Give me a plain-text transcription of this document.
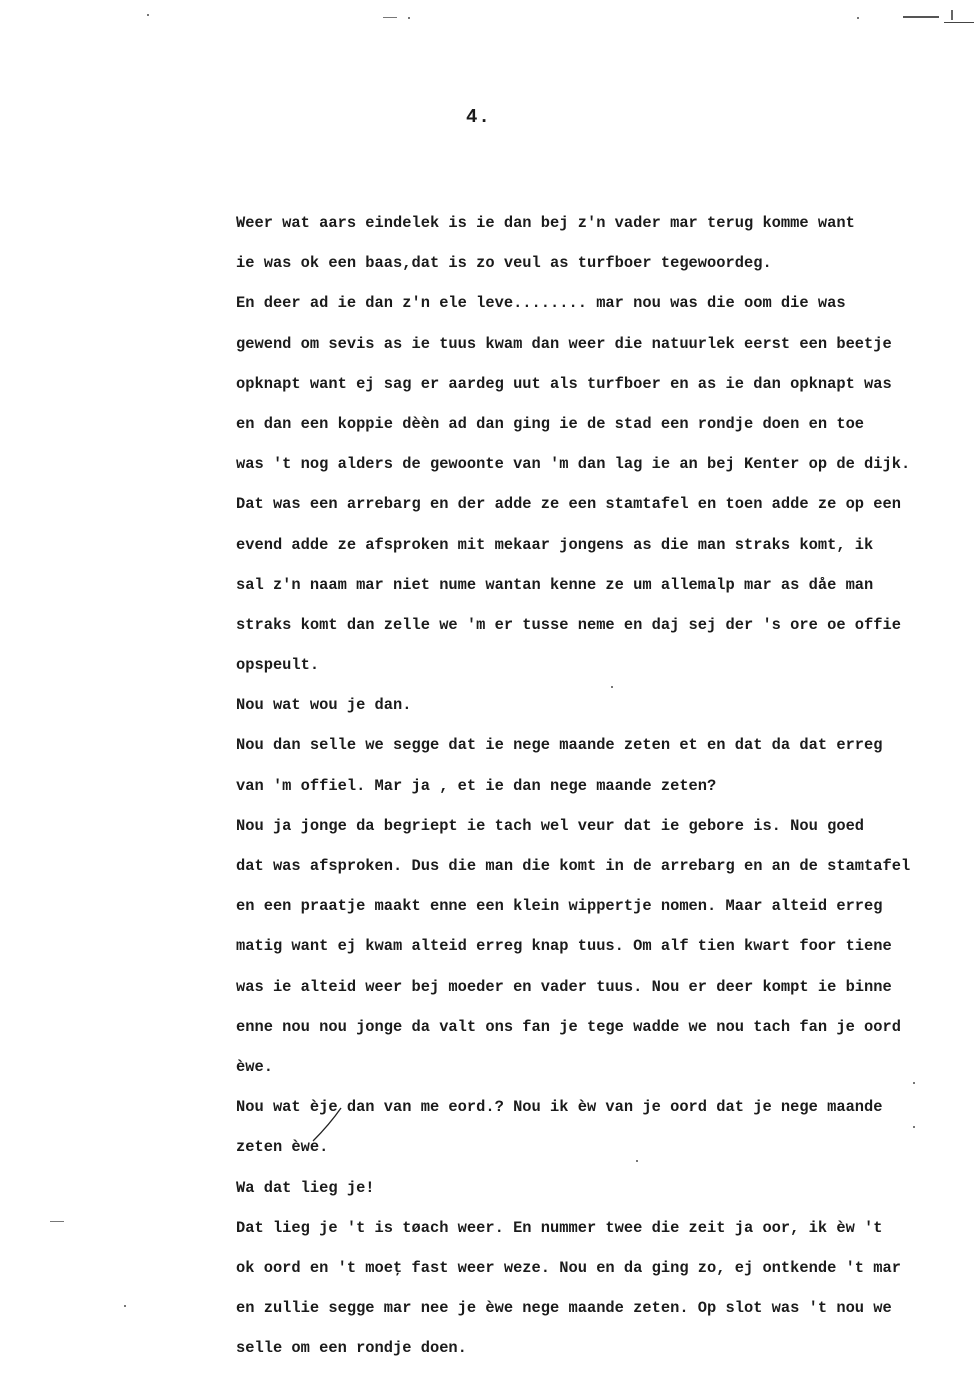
4.
Weer wat aars eindelek is ie dan bej z'n vader mar terug komme want
ie was ok een baas,dat is zo veul as turfboer tegewoordeg.
En deer ad ie dan z'n ele leve........ mar nou was die oom die was
gewend om sevis as ie tuus kwam dan weer die natuurlek eerst een beetje
opknapt want ej sag er aardeg uut als turfboer en as ie dan opknapt was
en dan een koppie dèèn ad dan ging ie de stad een rondje doen en toe
was 't nog alders de gewoonte van 'm dan lag ie an bej Kenter op de dijk.
Dat was een arrebarg en der adde ze een stamtafel en toen adde ze op een
evend adde ze afsproken mit mekaar jongens as die man straks komt, ik
sal z'n naam mar niet nume wantan kenne ze um allemalp mar as dåe man
straks komt dan zelle we 'm er tusse neme en daj sej der 's ore oe offie
opspeult.
Nou wat wou je dan.
Nou dan selle we segge dat ie nege maande zeten et en dat da dat erreg
van 'm offiel. Mar ja , et ie dan nege maande zeten?
Nou ja jonge da begriept ie tach wel veur dat ie gebore is. Nou goed
dat was afsproken. Dus die man die komt in de arrebarg en an de stamtafel
en een praatje maakt enne een klein wippertje nomen. Maar alteid erreg
matig want ej kwam alteid erreg knap tuus. Om alf tien kwart foor tiene
was ie alteid weer bej moeder en vader tuus. Nou er deer kompt ie binne
enne nou nou jonge da valt ons fan je tege wadde we nou tach fan je oord
èwe.
Nou wat èje dan van me eord.? Nou ik èw van je oord dat je nege maande
zeten èwe.
Wa dat lieg je!
Dat lieg je 't is tøach weer. En nummer twee die zeit ja oor, ik èw 't
ok oord en 't moeţ fast weer weze. Nou en da ging zo, ej ontkende 't mar
en zullie segge mar nee je èwe nege maande zeten. Op slot was 't nou we
selle om een rondje doen.
